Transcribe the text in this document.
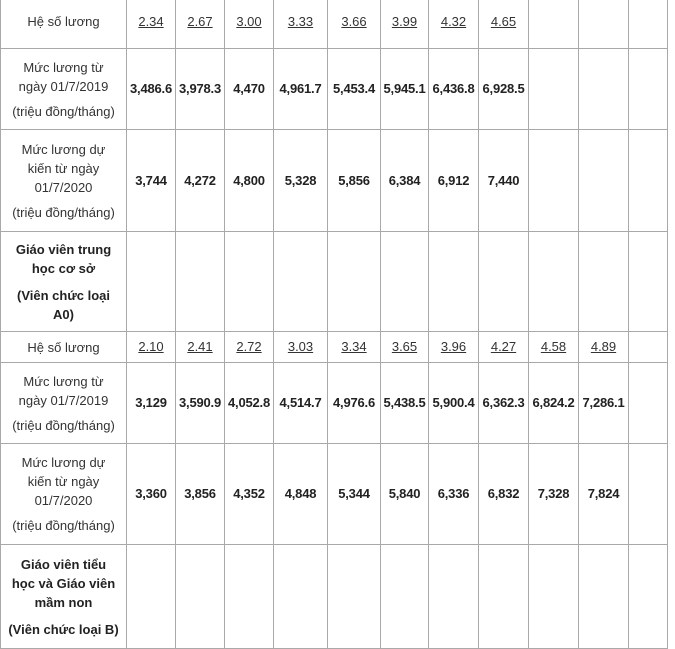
Hệ số lương	2.34	2.67	3.00	3.33	3.66	3.99	4.32	4.65			

Mức lương từ
ngày 01/7/2019
(triệu đồng/tháng)	3,486.6	3,978.3	4,470	4,961.7	5,453.4	5,945.1	6,436.8	6,928.5			

Mức lương dự
kiến từ ngày
01/7/2020
(triệu đồng/tháng)	3,744	4,272	4,800	5,328	5,856	6,384	6,912	7,440			

Giáo viên trung
học cơ sở
(Viên chức loại
A0)											

Hệ số lương	2.10	2.41	2.72	3.03	3.34	3.65	3.96	4.27	4.58	4.89	

Mức lương từ
ngày 01/7/2019
(triệu đồng/tháng)	3,129	3,590.9	4,052.8	4,514.7	4,976.6	5,438.5	5,900.4	6,362.3	6,824.2	7,286.1	

Mức lương dự
kiến từ ngày
01/7/2020
(triệu đồng/tháng)	3,360	3,856	4,352	4,848	5,344	5,840	6,336	6,832	7,328	7,824	

Giáo viên tiểu
học và Giáo viên
mầm non
(Viên chức loại B)											
